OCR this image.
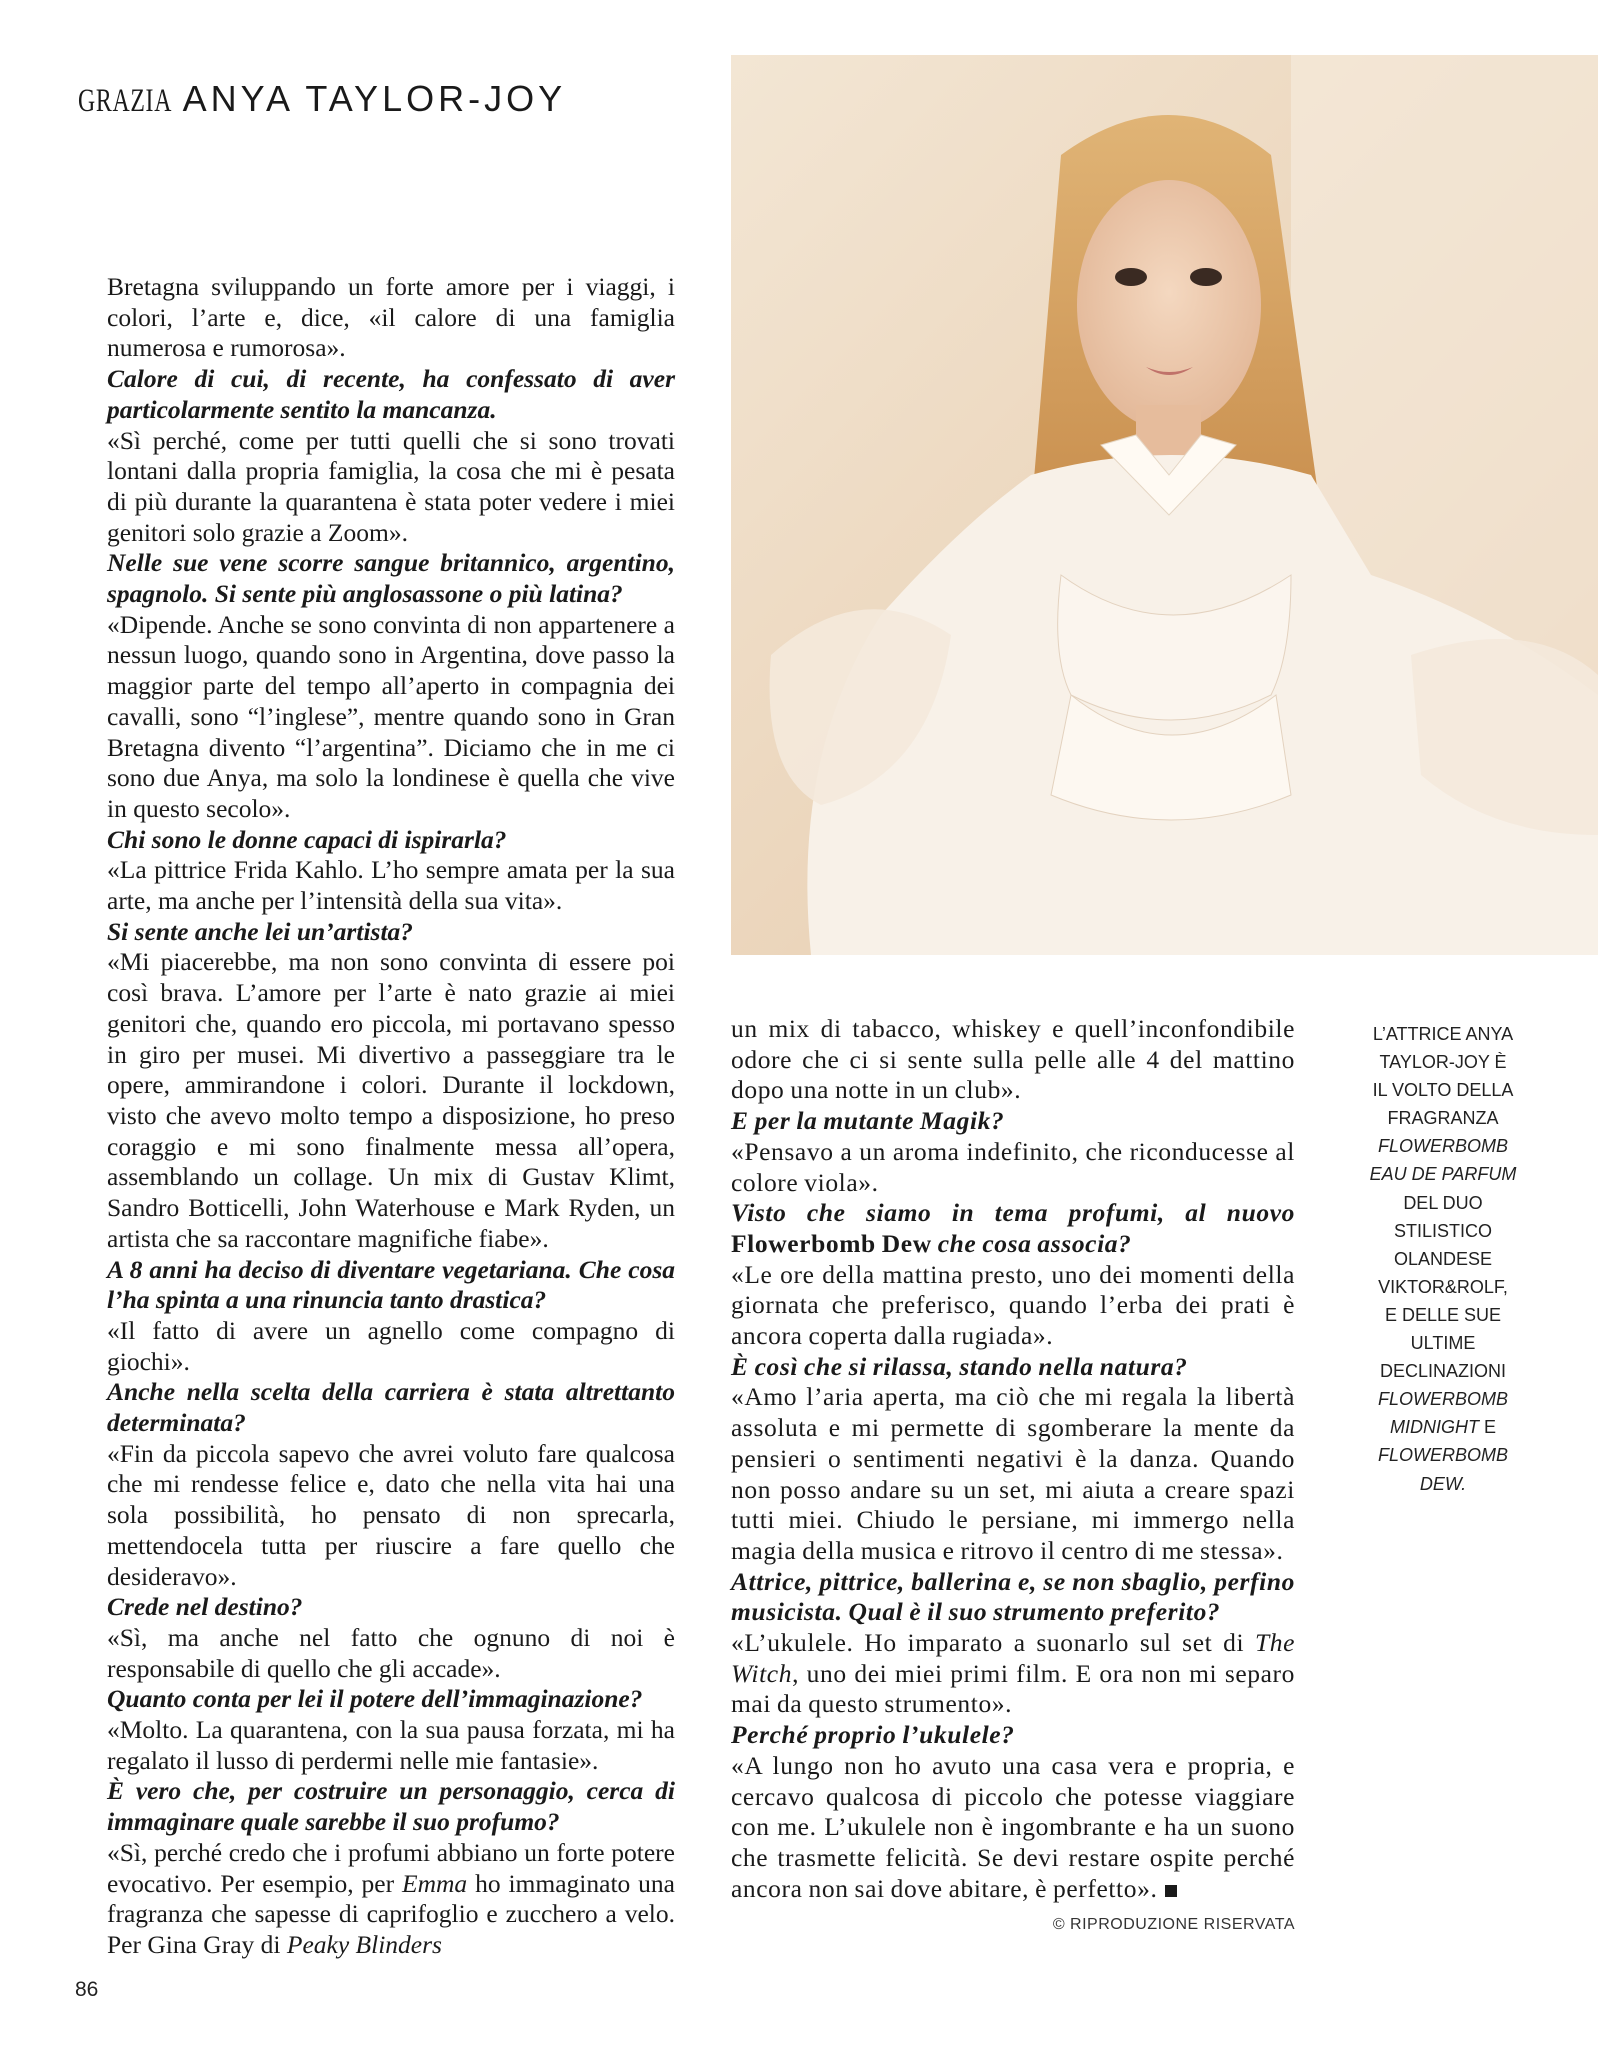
GRAZIA ANYA TAYLOR-JOY

Bretagna sviluppando un forte amore per i viaggi, i colori, l’arte e, dice, «il calore di una famiglia numerosa e rumorosa».

Calore di cui, di recente, ha confessato di aver particolarmente sentito la mancanza.

«Sì perché, come per tutti quelli che si sono trovati lontani dalla propria famiglia, la cosa che mi è pesata di più durante la quarantena è stata poter vedere i miei genitori solo grazie a Zoom».

Nelle sue vene scorre sangue britannico, argentino, spagnolo. Si sente più anglosassone o più latina?

«Dipende. Anche se sono convinta di non appartenere a nessun luogo, quando sono in Argentina, dove passo la maggior parte del tempo all’aperto in compagnia dei cavalli, sono “l’inglese”, mentre quando sono in Gran Bretagna divento “l’argentina”. Diciamo che in me ci sono due Anya, ma solo la londinese è quella che vive in questo secolo».

Chi sono le donne capaci di ispirarla?

«La pittrice Frida Kahlo. L’ho sempre amata per la sua arte, ma anche per l’intensità della sua vita».

Si sente anche lei un’artista?

«Mi piacerebbe, ma non sono convinta di essere poi così brava. L’amore per l’arte è nato grazie ai miei genitori che, quando ero piccola, mi portavano spesso in giro per musei. Mi divertivo a passeggiare tra le opere, ammirandone i colori. Durante il lockdown, visto che avevo molto tempo a disposizione, ho preso coraggio e mi sono finalmente messa all’opera, assemblando un collage. Un mix di Gustav Klimt, Sandro Botticelli, John Waterhouse e Mark Ryden, un artista che sa raccontare magnifiche fiabe».

A 8 anni ha deciso di diventare vegetariana. Che cosa l’ha spinta a una rinuncia tanto drastica?

«Il fatto di avere un agnello come compagno di giochi».

Anche nella scelta della carriera è stata altrettanto determinata?

«Fin da piccola sapevo che avrei voluto fare qualcosa che mi rendesse felice e, dato che nella vita hai una sola possibilità, ho pensato di non sprecarla, mettendocela tutta per riuscire a fare quello che desideravo».

Crede nel destino?

«Sì, ma anche nel fatto che ognuno di noi è responsabile di quello che gli accade».

Quanto conta per lei il potere dell’immaginazione?

«Molto. La quarantena, con la sua pausa forzata, mi ha regalato il lusso di perdermi nelle mie fantasie».

È vero che, per costruire un personaggio, cerca di immaginare quale sarebbe il suo profumo?

«Sì, perché credo che i profumi abbiano un forte potere evocativo. Per esempio, per Emma ho immaginato una fragranza che sapesse di caprifoglio e zucchero a velo. Per Gina Gray di Peaky Blinders

un mix di tabacco, whiskey e quell’inconfondibile odore che ci si sente sulla pelle alle 4 del mattino dopo una notte in un club».

E per la mutante Magik?

«Pensavo a un aroma indefinito, che riconducesse al colore viola».

Visto che siamo in tema profumi, al nuovo Flowerbomb Dew che cosa associa?

«Le ore della mattina presto, uno dei momenti della giornata che preferisco, quando l’erba dei prati è ancora coperta dalla rugiada».

È così che si rilassa, stando nella natura?

«Amo l’aria aperta, ma ciò che mi regala la libertà assoluta e mi permette di sgomberare la mente da pensieri o sentimenti negativi è la danza. Quando non posso andare su un set, mi aiuta a creare spazi tutti miei. Chiudo le persiane, mi immergo nella magia della musica e ritrovo il centro di me stessa».

Attrice, pittrice, ballerina e, se non sbaglio, perfino musicista. Qual è il suo strumento preferito?

«L’ukulele. Ho imparato a suonarlo sul set di The Witch, uno dei miei primi film. E ora non mi separo mai da questo strumento».

Perché proprio l’ukulele?

«A lungo non ho avuto una casa vera e propria, e cercavo qualcosa di piccolo che potesse viaggiare con me. L’ukulele non è ingombrante e ha un suono che trasmette felicità. Se devi restare ospite perché ancora non sai dove abitare, è perfetto».

L’ATTRICE ANYA
TAYLOR-JOY È
IL VOLTO DELLA
FRAGRANZA
FLOWERBOMB
EAU DE PARFUM
DEL DUO
STILISTICO
OLANDESE
VIKTOR&ROLF,
E DELLE SUE
ULTIME
DECLINAZIONI
FLOWERBOMB
MIDNIGHT E
FLOWERBOMB
DEW.
© RIPRODUZIONE RISERVATA
86
